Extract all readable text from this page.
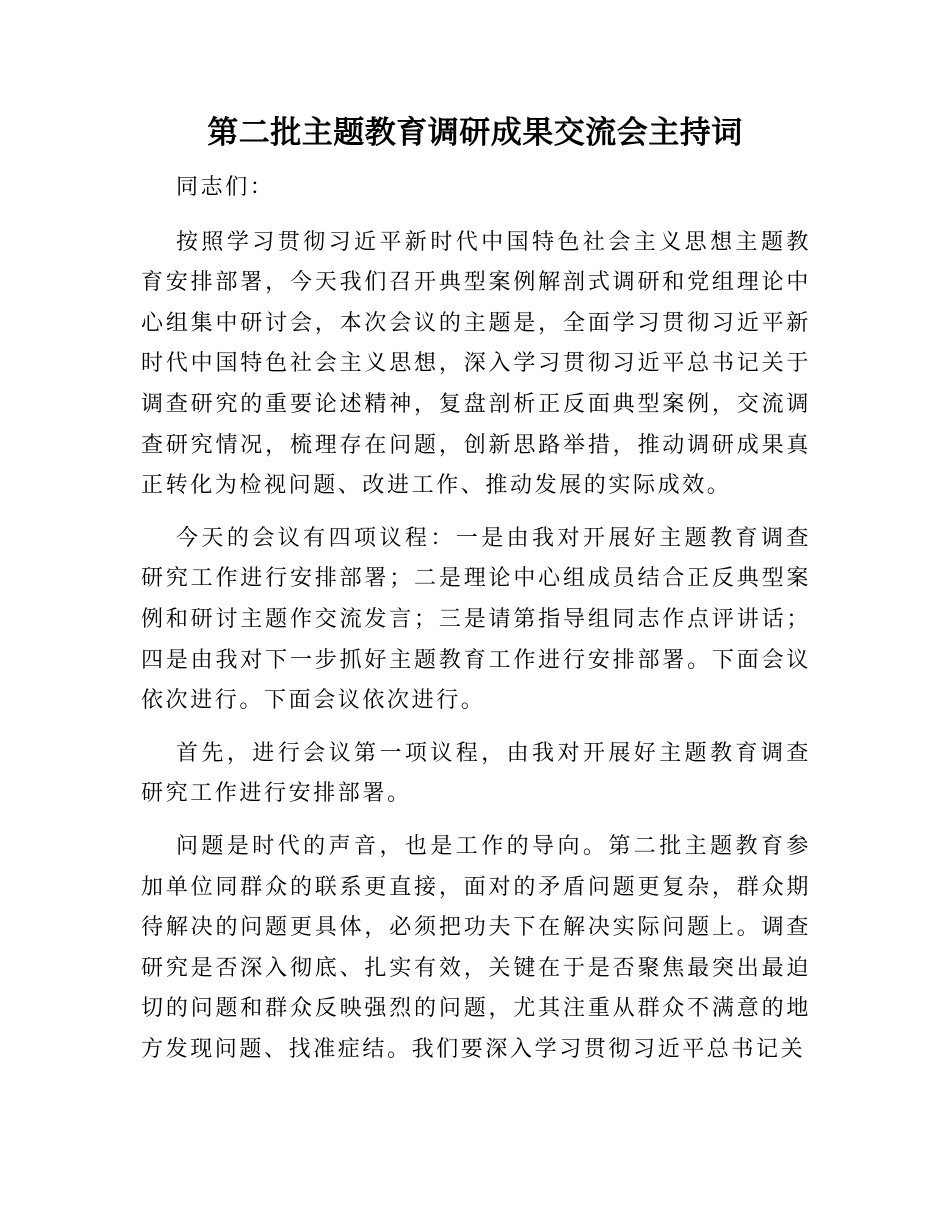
第二批主题教育调研成果交流会主持词

同志们：

按照学习贯彻习近平新时代中国特色社会主义思想主题教育安排部署，今天我们召开典型案例解剖式调研和党组理论中心组集中研讨会，本次会议的主题是，全面学习贯彻习近平新时代中国特色社会主义思想，深入学习贯彻习近平总书记关于调查研究的重要论述精神，复盘剖析正反面典型案例，交流调查研究情况，梳理存在问题，创新思路举措，推动调研成果真正转化为检视问题、改进工作、推动发展的实际成效。

今天的会议有四项议程：一是由我对开展好主题教育调查研究工作进行安排部署；二是理论中心组成员结合正反典型案例和研讨主题作交流发言；三是请第指导组同志作点评讲话；四是由我对下一步抓好主题教育工作进行安排部署。下面会议依次进行。下面会议依次进行。

首先，进行会议第一项议程，由我对开展好主题教育调查研究工作进行安排部署。

问题是时代的声音，也是工作的导向。第二批主题教育参加单位同群众的联系更直接，面对的矛盾问题更复杂，群众期待解决的问题更具体，必须把功夫下在解决实际问题上。调查研究是否深入彻底、扎实有效，关键在于是否聚焦最突出最迫切的问题和群众反映强烈的问题，尤其注重从群众不满意的地方发现问题、找准症结。我们要深入学习贯彻习近平总书记关
